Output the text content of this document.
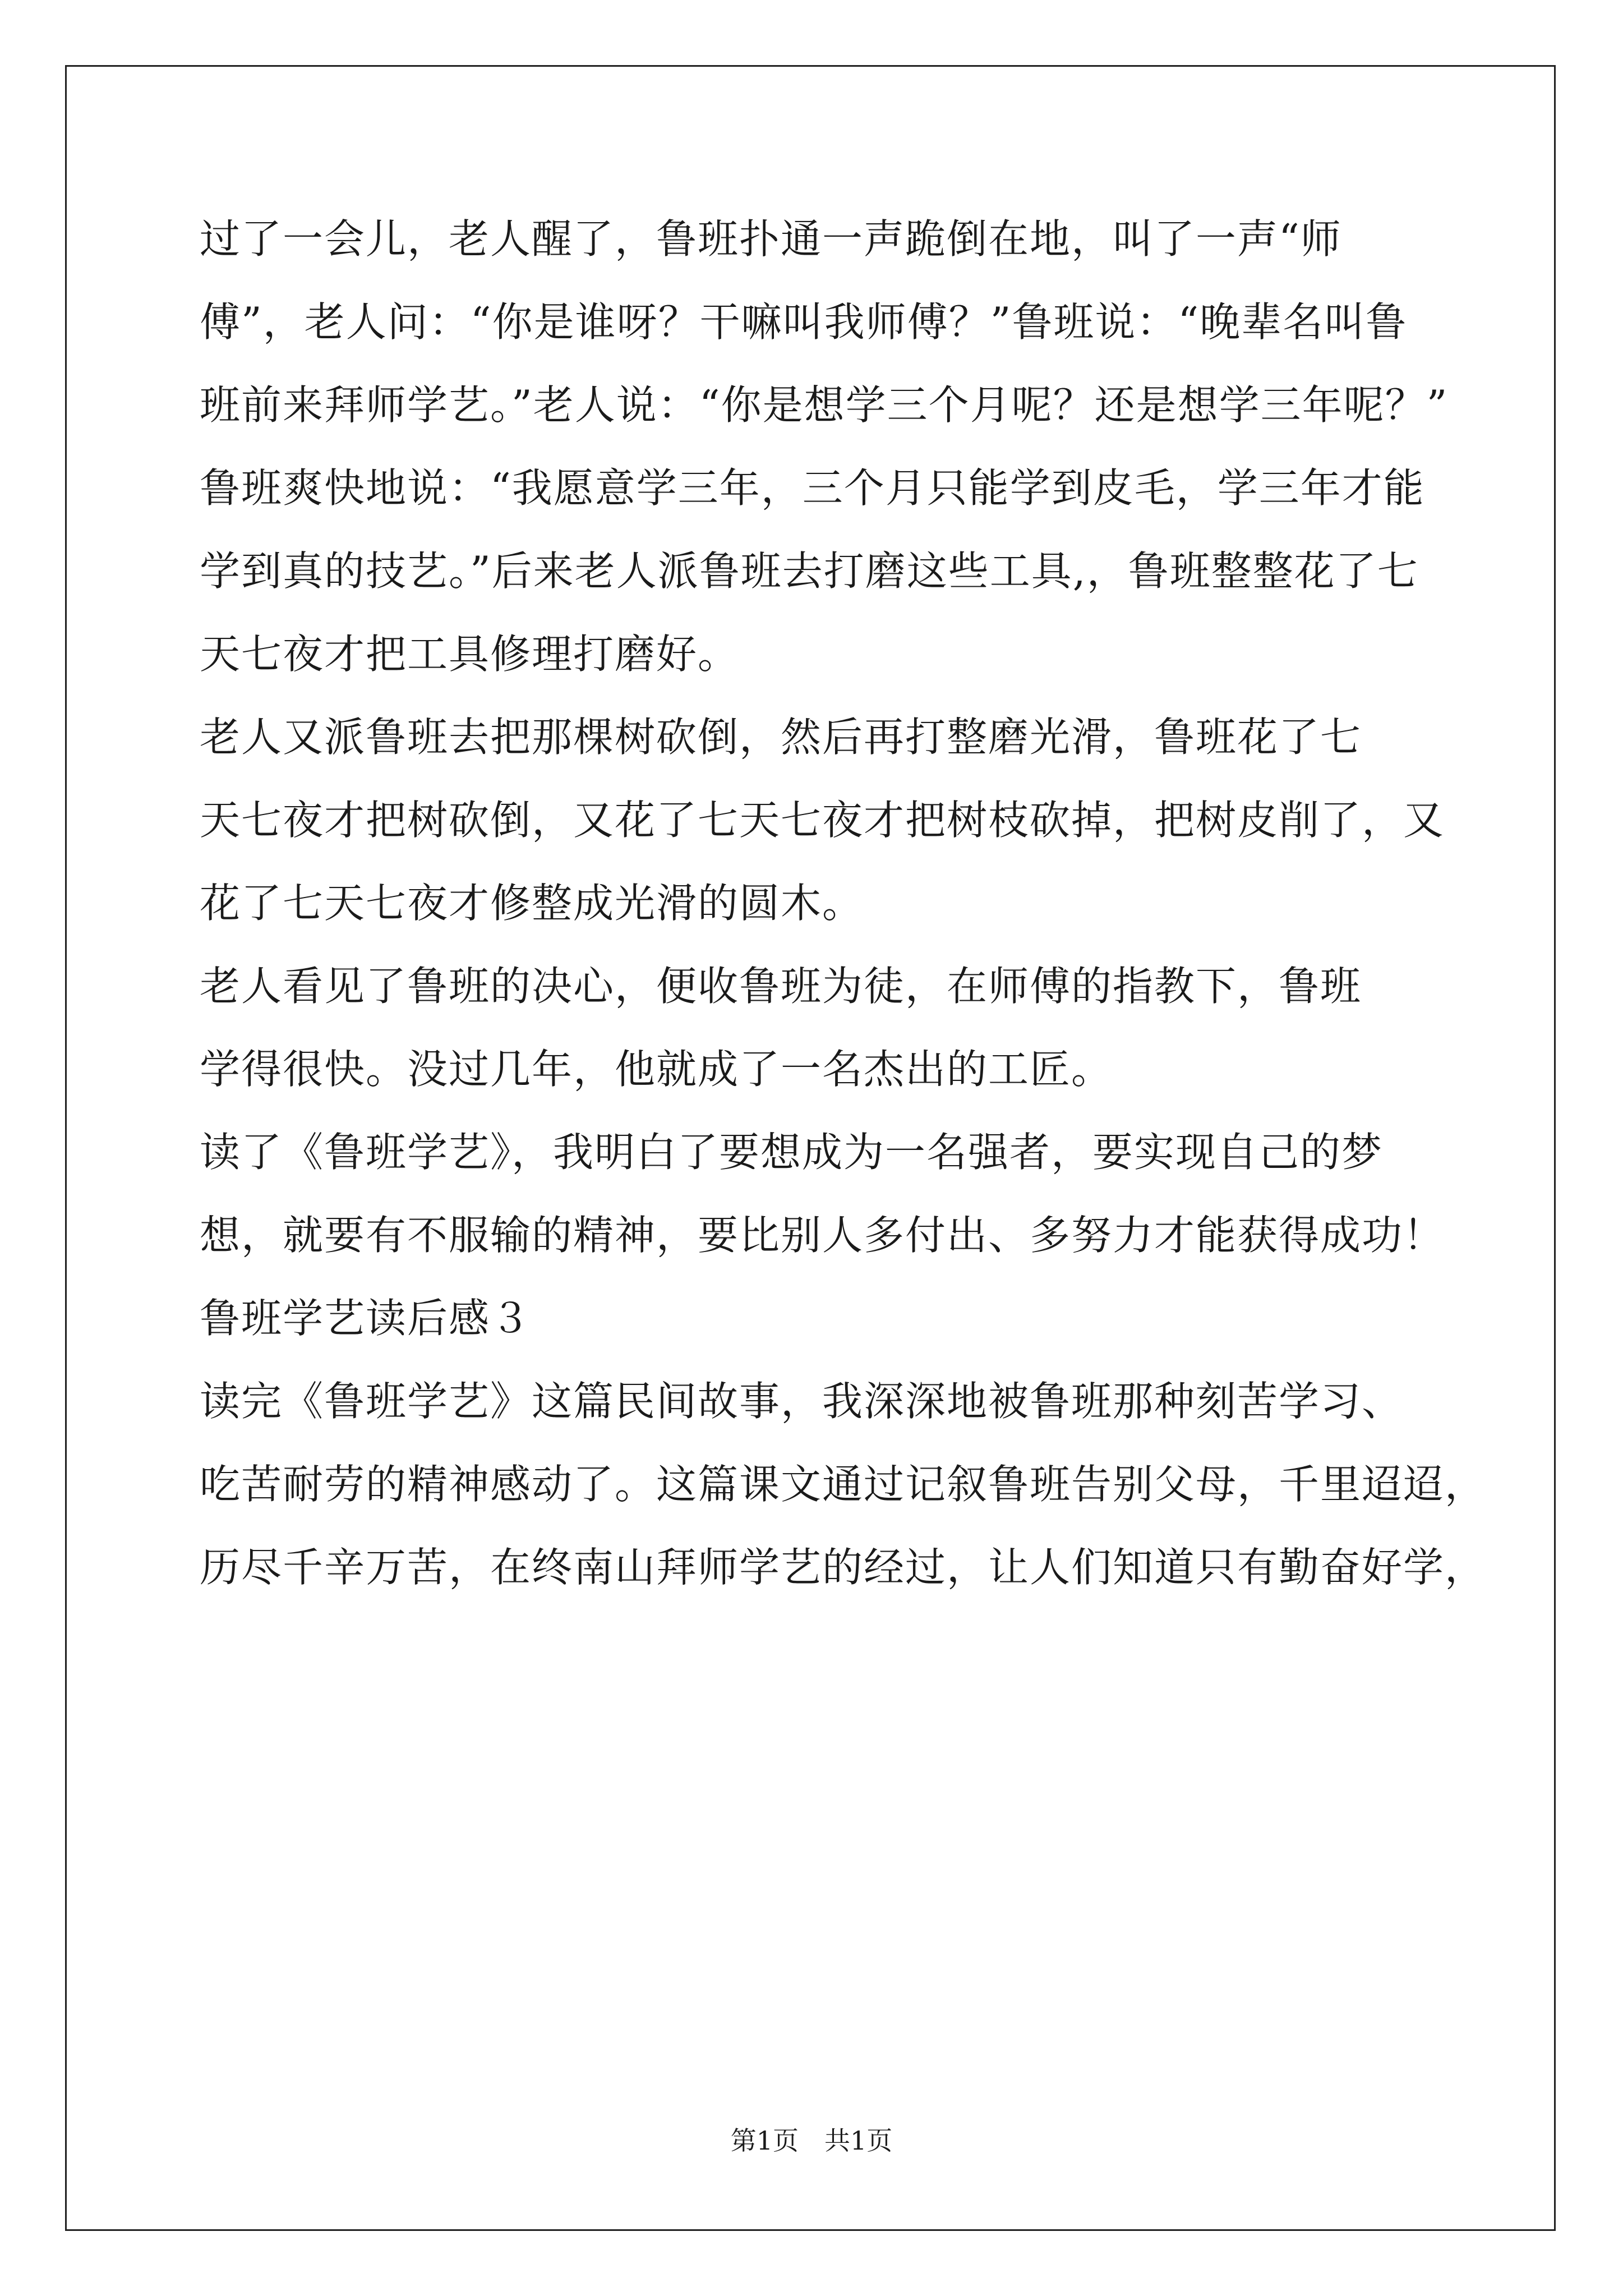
过了一会儿，老人醒了，鲁班扑通一声跪倒在地，叫了一声“师
傅”，老人问：“你是谁呀？干嘛叫我师傅？”鲁班说：“晚辈名叫鲁
班前来拜师学艺。”老人说：“你是想学三个月呢？还是想学三年呢？”
鲁班爽快地说：“我愿意学三年，三个月只能学到皮毛，学三年才能
学到真的技艺。”后来老人派鲁班去打磨这些工具,，鲁班整整花了七
天七夜才把工具修理打磨好。
老人又派鲁班去把那棵树砍倒，然后再打整磨光滑，鲁班花了七
天七夜才把树砍倒，又花了七天七夜才把树枝砍掉，把树皮削了，又
花了七天七夜才修整成光滑的圆木。
老人看见了鲁班的决心，便收鲁班为徒，在师傅的指教下，鲁班
学得很快。没过几年，他就成了一名杰出的工匠。
读了《鲁班学艺》，我明白了要想成为一名强者，要实现自己的梦
想，就要有不服输的精神，要比别人多付出、多努力才能获得成功！
鲁班学艺读后感３
读完《鲁班学艺》这篇民间故事，我深深地被鲁班那种刻苦学习、
吃苦耐劳的精神感动了。这篇课文通过记叙鲁班告别父母，千里迢迢，
历尽千辛万苦，在终南山拜师学艺的经过，让人们知道只有勤奋好学，
第1页　共1页
